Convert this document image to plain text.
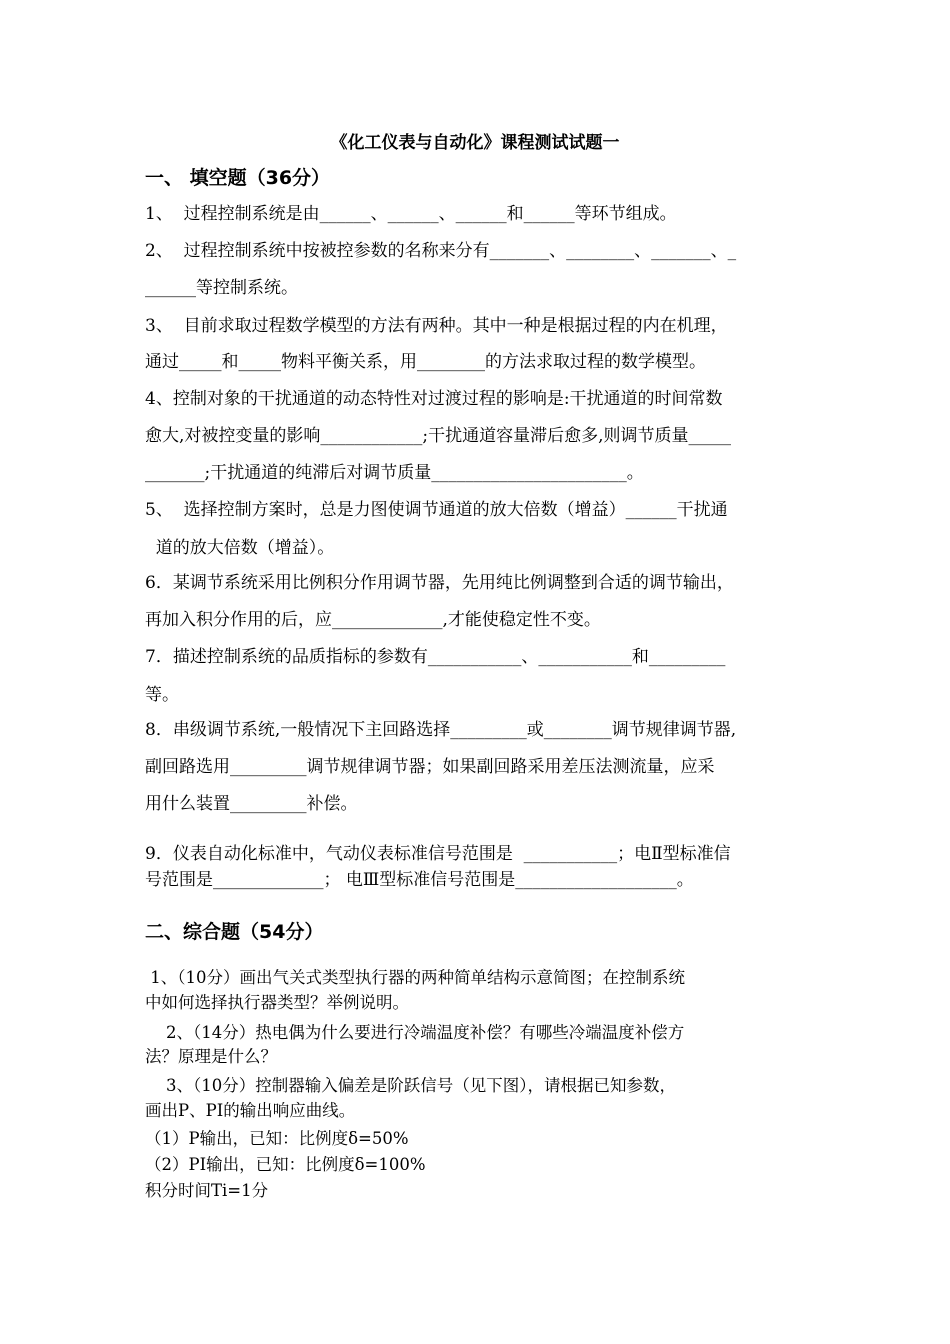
《化工仪表与自动化》课程测试试题一
一、 填空题（36分）
1、  过程控制系统是由______、______、______和______等环节组成。
2、  过程控制系统中按被控参数的名称来分有_______、________、_______、_
______等控制系统。
3、  目前求取过程数学模型的方法有两种。其中一种是根据过程的内在机理，
通过_____和_____物料平衡关系，用________的方法求取过程的数学模型。
4、控制对象的干扰通道的动态特性对过渡过程的影响是:干扰通道的时间常数
愈大,对被控变量的影响____________;干扰通道容量滞后愈多,则调节质量_____
_______;干扰通道的纯滞后对调节质量_______________________。
5、  选择控制方案时，总是力图使调节通道的放大倍数（增益）______干扰通
道的放大倍数（增益）。
6．某调节系统采用比例积分作用调节器，先用纯比例调整到合适的调节输出，
再加入积分作用的后，应_____________,才能使稳定性不变。
7．描述控制系统的品质指标的参数有___________、___________和_________
等。
8．串级调节系统,一般情况下主回路选择_________或________调节规律调节器,
副回路选用_________调节规律调节器；如果副回路采用差压法测流量，应采
用什么装置_________补偿。
9．仪表自动化标准中，气动仪表标准信号范围是  ___________；电Ⅱ型标准信
号范围是_____________； 电Ⅲ型标准信号范围是___________________。
二、综合题（54分）
1、（10分）画出气关式类型执行器的两种简单结构示意简图；在控制系统
中如何选择执行器类型？举例说明。
2、（14分）热电偶为什么要进行冷端温度补偿？有哪些冷端温度补偿方
法？原理是什么？
3、（10分）控制器输入偏差是阶跃信号（见下图），请根据已知参数，
画出P、PI的输出响应曲线。
（1）P输出，已知：比例度δ=50%
（2）PI输出，已知：比例度δ=100%
积分时间Ti=1分
